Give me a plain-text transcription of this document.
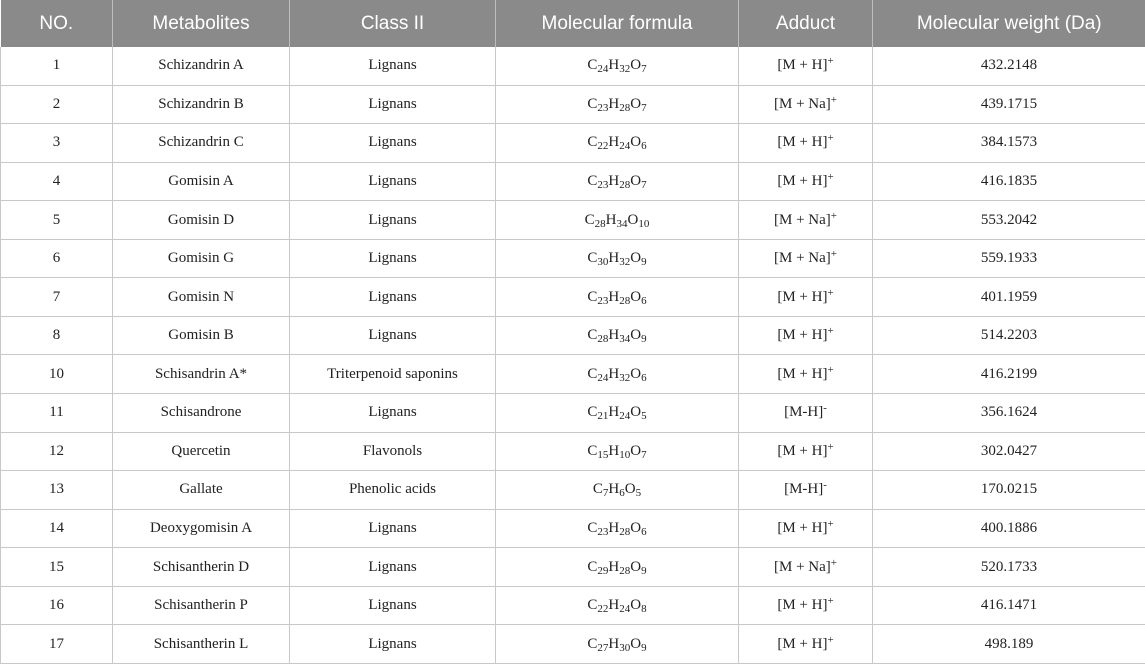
NO.	Metabolites	Class II	Molecular formula	Adduct	Molecular weight (Da)
1	Schizandrin A	Lignans	$C_{24}H_{32}O_7$	[M + H]+	432.2148
2	Schizandrin B	Lignans	$C_{23}H_{28}O_7$	[M + Na]+	439.1715
3	Schizandrin C	Lignans	$C_{22}H_{24}O_6$	[M + H]+	384.1573
4	Gomisin A	Lignans	$C_{23}H_{28}O_7$	[M + H]+	416.1835
5	Gomisin D	Lignans	$C_{28}H_{34}O_{10}$	[M + Na]+	553.2042
6	Gomisin G	Lignans	$C_{30}H_{32}O_9$	[M + Na]+	559.1933
7	Gomisin N	Lignans	$C_{23}H_{28}O_6$	[M + H]+	401.1959
8	Gomisin B	Lignans	$C_{28}H_{34}O_9$	[M + H]+	514.2203
10	Schisandrin A*	Triterpenoid saponins	$C_{24}H_{32}O_6$	[M + H]+	416.2199
11	Schisandrone	Lignans	$C_{21}H_{24}O_5$	[M-H]-	356.1624
12	Quercetin	Flavonols	$C_{15}H_{10}O_7$	[M + H]+	302.0427
13	Gallate	Phenolic acids	$C_7H_6O_5$	[M-H]-	170.0215
14	Deoxygomisin A	Lignans	$C_{23}H_{28}O_6$	[M + H]+	400.1886
15	Schisantherin D	Lignans	$C_{29}H_{28}O_9$	[M + Na]+	520.1733
16	Schisantherin P	Lignans	$C_{22}H_{24}O_8$	[M + H]+	416.1471
17	Schisantherin L	Lignans	$C_{27}H_{30}O_9$	[M + H]+	498.189
